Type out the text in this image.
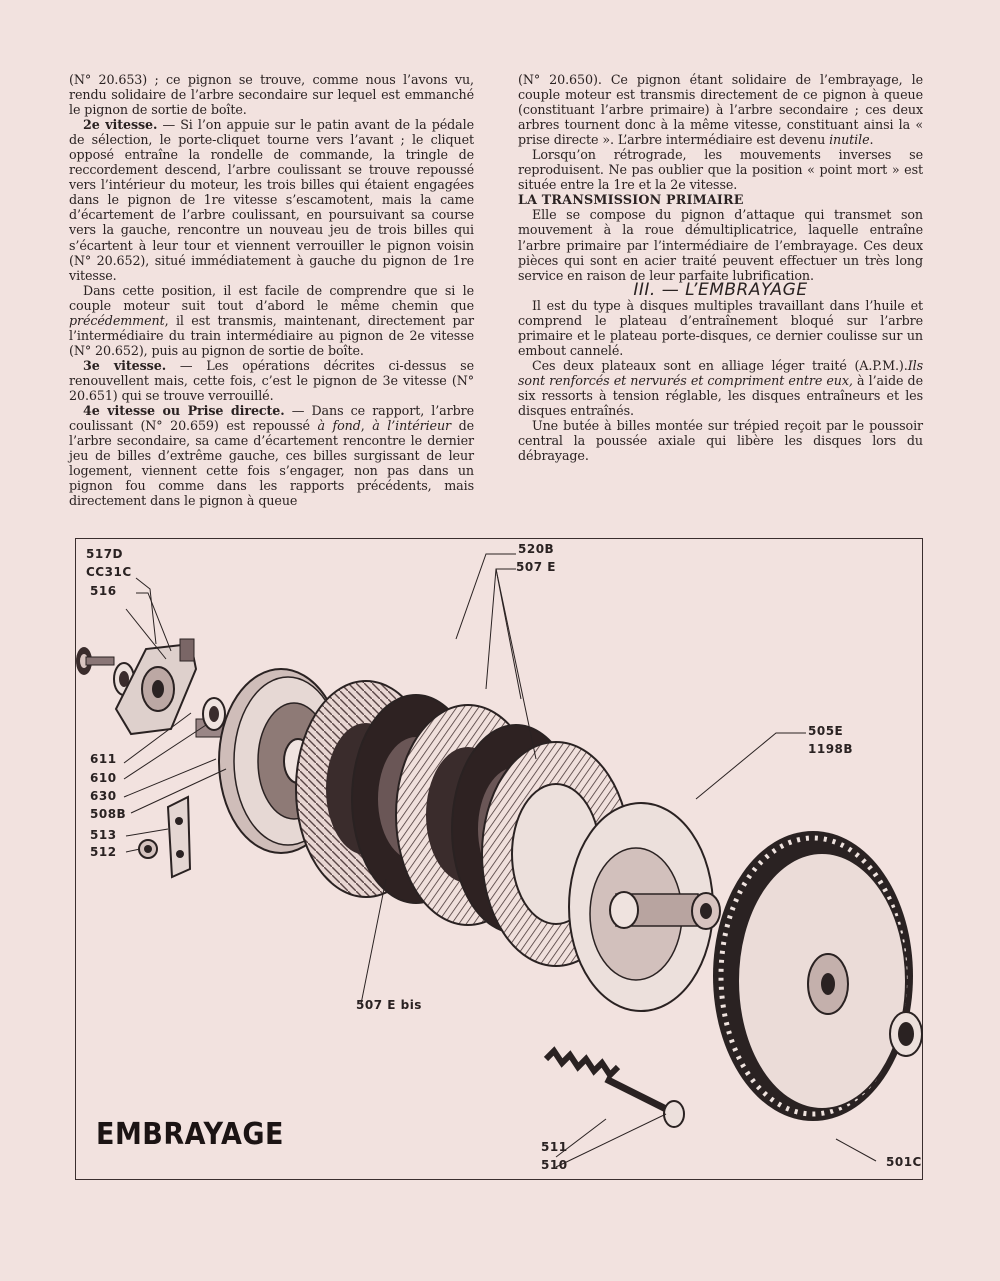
(N° 20.653) ; ce pignon se trouve, comme nous l’avons vu, rendu solidaire de l’arbre secondaire sur lequel est emmanché le pignon de sortie de boîte.

2e vitesse. — Si l’on appuie sur le patin avant de la pédale de sélection, le porte-cliquet tourne vers l’avant ; le cliquet opposé entraîne la rondelle de commande, la tringle de reccordement descend, l’arbre coulissant se trouve repoussé vers l’intérieur du moteur, les trois billes qui étaient engagées dans le pignon de 1re vitesse s’escamotent, mais la came d’écartement de l’arbre coulissant, en poursuivant sa course vers la gauche, rencontre un nouveau jeu de trois billes qui s’écartent à leur tour et viennent verrouiller le pignon voisin (N° 20.652), situé immédiatement à gauche du pignon de 1re vitesse.

Dans cette position, il est facile de comprendre que si le couple moteur suit tout d’abord le même chemin que précédemment, il est transmis, maintenant, directement par l’intermédiaire du train intermédiaire au pignon de 2e vitesse (N° 20.652), puis au pignon de sortie de boîte.

3e vitesse. — Les opérations décrites ci-dessus se renouvellent mais, cette fois, c’est le pignon de 3e vitesse (N° 20.651) qui se trouve verrouillé.

4e vitesse ou Prise directe. — Dans ce rapport, l’arbre coulissant (N° 20.659) est repoussé à fond, à l’intérieur de l’arbre secondaire, sa came d’écartement rencontre le dernier jeu de billes d’extrême gauche, ces billes surgissant de leur logement, viennent cette fois s’engager, non pas dans un pignon fou comme dans les rapports précédents, mais directement dans le pignon à queue

(N° 20.650). Ce pignon étant solidaire de l’embrayage, le couple moteur est transmis directement de ce pignon à queue (constituant l’arbre primaire) à l’arbre secondaire ; ces deux arbres tournent donc à la même vitesse, constituant ainsi la « prise directe ». L’arbre intermédiaire est devenu inutile.

Lorsqu’on rétrograde, les mouvements inverses se reproduisent. Ne pas oublier que la position « point mort » est située entre la 1re et la 2e vitesse.

LA TRANSMISSION PRIMAIRE

Elle se compose du pignon d’attaque qui transmet son mouvement à la roue démultiplicatrice, laquelle entraîne l’arbre primaire par l’intermédiaire de l’embrayage. Ces deux pièces qui sont en acier traité peuvent effectuer un très long service en raison de leur parfaite lubrification.

III. — L’EMBRAYAGE

Il est du type à disques multiples travaillant dans l’huile et comprend le plateau d’entraînement bloqué sur l’arbre primaire et le plateau porte-disques, ce dernier coulisse sur un embout cannelé.

Ces deux plateaux sont en alliage léger traité (A.P.M.).Ils sont renforcés et nervurés et compriment entre eux, à l’aide de six ressorts à tension réglable, les disques entraîneurs et les disques entraînés.

Une butée à billes montée sur trépied reçoit par le poussoir central la poussée axiale qui libère les disques lors du débrayage.

517D
CC31C
516
611
610
630
508B
513
512
520B
507 E
507 E bis
505E
1198B
511
510	501C
EMBRAYAGE
